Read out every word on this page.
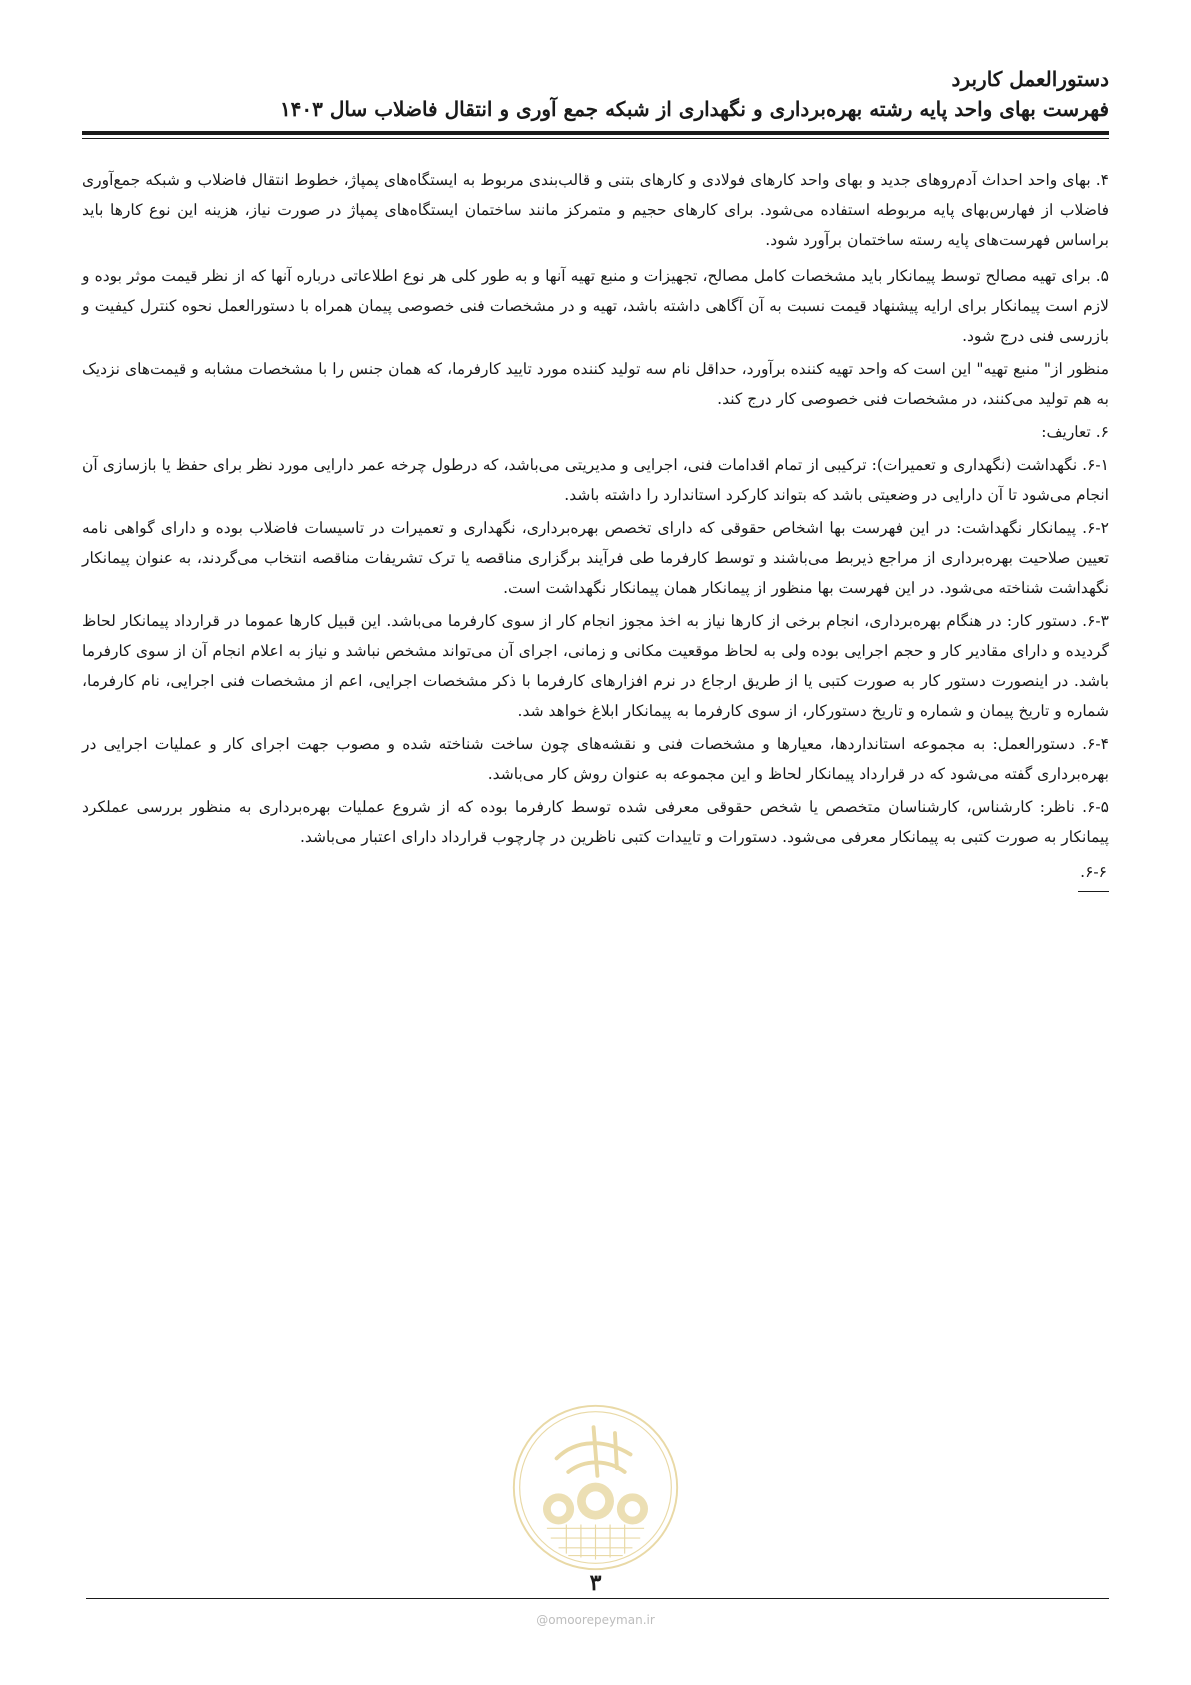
دستورالعمل کاربرد
فهرست بهای واحد پایه رشته بهره‌برداری و نگهداری از شبکه جمع آوری و انتقال فاضلاب سال ۱۴۰۳

۴. بهای واحد احداث آدم‌روهای جدید و بهای واحد کارهای فولادی و کارهای بتنی و قالب‌بندی مربوط به ایستگاه‌های پمپاژ، خطوط انتقال فاضلاب و شبکه جمع‌آوری فاضلاب از فهارس‌بهای پایه مربوطه استفاده می‌شود. برای کارهای حجیم و متمرکز مانند ساختمان ایستگاه‌های پمپاژ در صورت نیاز، هزینه این نوع کارها باید براساس فهرست‌های پایه رسته ساختمان برآورد شود.

۵. برای تهیه مصالح توسط پیمانکار باید مشخصات کامل مصالح، تجهیزات و منبع تهیه آنها و به طور کلی هر نوع اطلاعاتی درباره آنها که از نظر قیمت موثر بوده و لازم است پیمانکار برای ارایه پیشنهاد قیمت نسبت به آن آگاهی داشته باشد، تهیه و در مشخصات فنی خصوصی پیمان همراه با دستورالعمل نحوه کنترل کیفیت و بازرسی فنی درج شود.

منظور از" منبع تهیه" این است که واحد تهیه کننده برآورد، حداقل نام سه تولید کننده مورد تایید کارفرما، که همان جنس را با مشخصات مشابه و قیمت‌های نزدیک به هم تولید می‌کنند، در مشخصات فنی خصوصی کار درج کند.

۶. تعاریف:

۶-۱. نگهداشت (نگهداری و تعمیرات): ترکیبی از تمام اقدامات فنی، اجرایی و مدیریتی می‌باشد، که درطول چرخه عمر دارایی مورد نظر برای حفظ یا بازسازی آن انجام می‌شود تا آن دارایی در وضعیتی باشد که بتواند کارکرد استاندارد را داشته باشد.

۶-۲. پیمانکار نگهداشت: در این فهرست بها اشخاص حقوقی که دارای تخصص بهره‌برداری، نگهداری و تعمیرات در تاسیسات فاضلاب بوده و دارای گواهی نامه تعیین صلاحیت بهره‌برداری از مراجع ذیربط می‌باشند و توسط کارفرما طی فرآیند برگزاری مناقصه یا ترک تشریفات مناقصه انتخاب می‌گردند، به عنوان پیمانکار نگهداشت شناخته می‌شود. در این فهرست بها منظور از پیمانکار همان پیمانکار نگهداشت است.

۶-۳. دستور کار: در هنگام بهره‌برداری، انجام برخی از کارها نیاز به اخذ مجوز انجام کار از سوی کارفرما می‌باشد. این قبیل کارها عموما در قرارداد پیمانکار لحاظ گردیده و دارای مقادیر کار و حجم اجرایی بوده ولی به لحاظ موقعیت مکانی و زمانی، اجرای آن می‌تواند مشخص نباشد و نیاز به اعلام انجام آن از سوی کارفرما باشد. در اینصورت دستور کار به صورت کتبی یا از طریق ارجاع در نرم افزارهای کارفرما با ذکر مشخصات اجرایی، اعم از مشخصات فنی اجرایی، نام کارفرما، شماره و تاریخ پیمان و شماره و تاریخ دستورکار، از سوی کارفرما به پیمانکار ابلاغ خواهد شد.

۶-۴. دستورالعمل: به مجموعه استانداردها، معیارها و مشخصات فنی و نقشه‌های چون ساخت شناخته شده و مصوب جهت اجرای کار و عملیات اجرایی در بهره‌برداری گفته می‌شود که در قرارداد پیمانکار لحاظ و این مجموعه به عنوان روش کار می‌باشد.

۶-۵. ناظر: کارشناس، کارشناسان متخصص یا شخص حقوقی معرفی شده توسط کارفرما بوده که از شروع عملیات بهره‌برداری به منظور بررسی عملکرد پیمانکار به صورت کتبی به پیمانکار معرفی می‌شود. دستورات و تاییدات کتبی ناظرین در چارچوب قرارداد دارای اعتبار می‌باشد.

۶-۶.

۳
@omoorepeyman.ir
